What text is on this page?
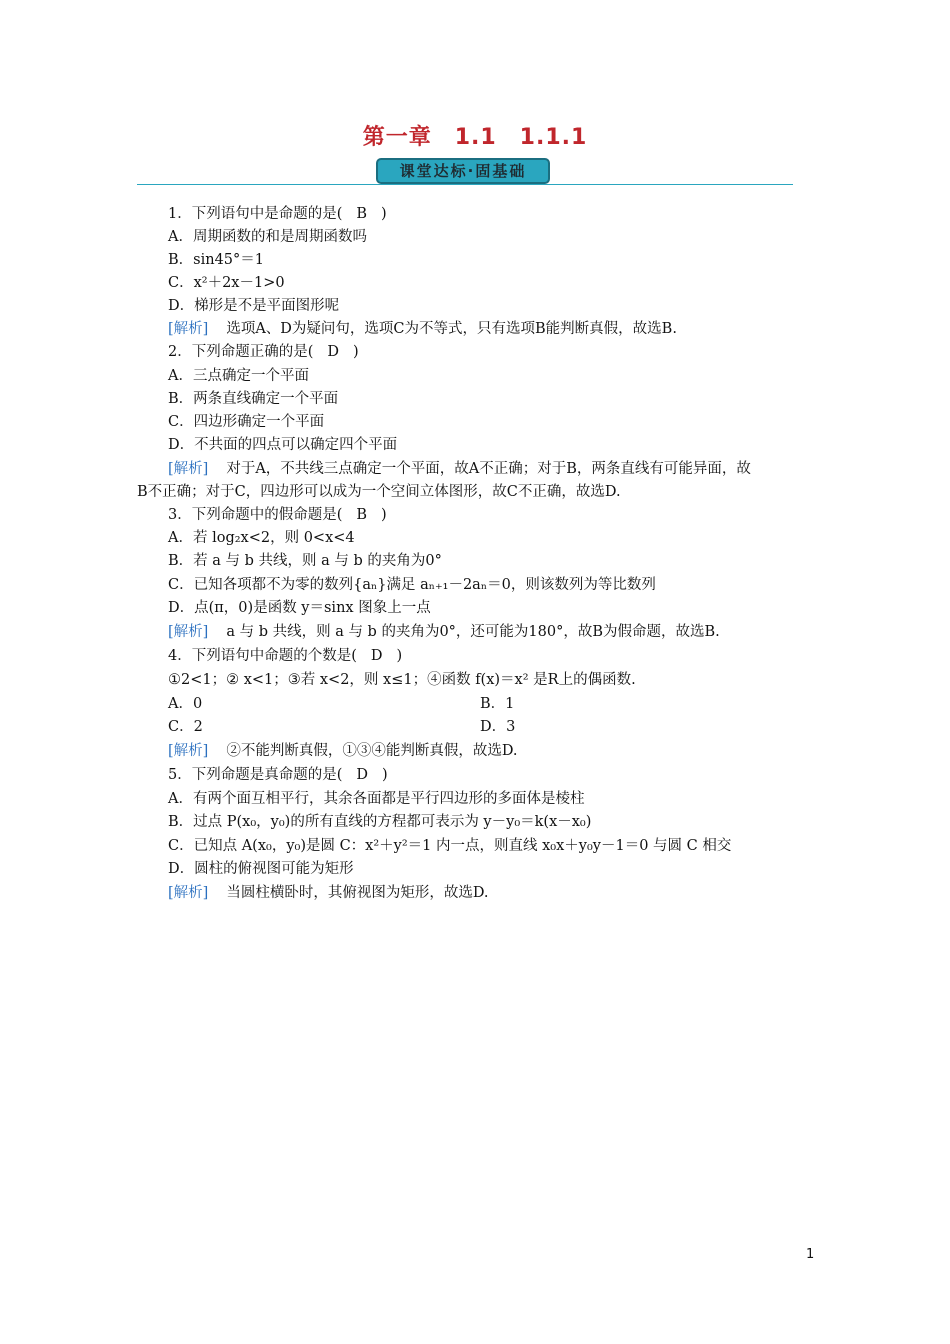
第一章　1.1　1.1.1
课堂达标·固基础
1．下列语句中是命题的是( B )
A．周期函数的和是周期函数吗
B．sin45°＝1
C．x²＋2x－1>0
D．梯形是不是平面图形呢
[解析] 选项A、D为疑问句，选项C为不等式，只有选项B能判断真假，故选B.
2．下列命题正确的是( D )
A．三点确定一个平面
B．两条直线确定一个平面
C．四边形确定一个平面
D．不共面的四点可以确定四个平面
[解析] 对于A，不共线三点确定一个平面，故A不正确；对于B，两条直线有可能异面，故
B不正确；对于C，四边形可以成为一个空间立体图形，故C不正确，故选D.
3．下列命题中的假命题是( B )
A．若 log₂x<2，则 0<x<4
B．若 a 与 b 共线，则 a 与 b 的夹角为0°
C．已知各项都不为零的数列{aₙ}满足 aₙ₊₁－2aₙ＝0，则该数列为等比数列
D．点(π，0)是函数 y＝sinx 图象上一点
[解析] a 与 b 共线，则 a 与 b 的夹角为0°，还可能为180°，故B为假命题，故选B.
4．下列语句中命题的个数是( D )
①2<1；② x<1；③若 x<2，则 x≤1；④函数 f(x)＝x² 是R上的偶函数.
A．0	B．1
C．2	D．3
[解析] ②不能判断真假，①③④能判断真假，故选D.
5．下列命题是真命题的是( D )
A．有两个面互相平行，其余各面都是平行四边形的多面体是棱柱
B．过点 P(x₀，y₀)的所有直线的方程都可表示为 y－y₀＝k(x－x₀)
C．已知点 A(x₀，y₀)是圆 C：x²＋y²＝1 内一点，则直线 x₀x＋y₀y－1＝0 与圆 C 相交
D．圆柱的俯视图可能为矩形
[解析] 当圆柱横卧时，其俯视图为矩形，故选D.
1
